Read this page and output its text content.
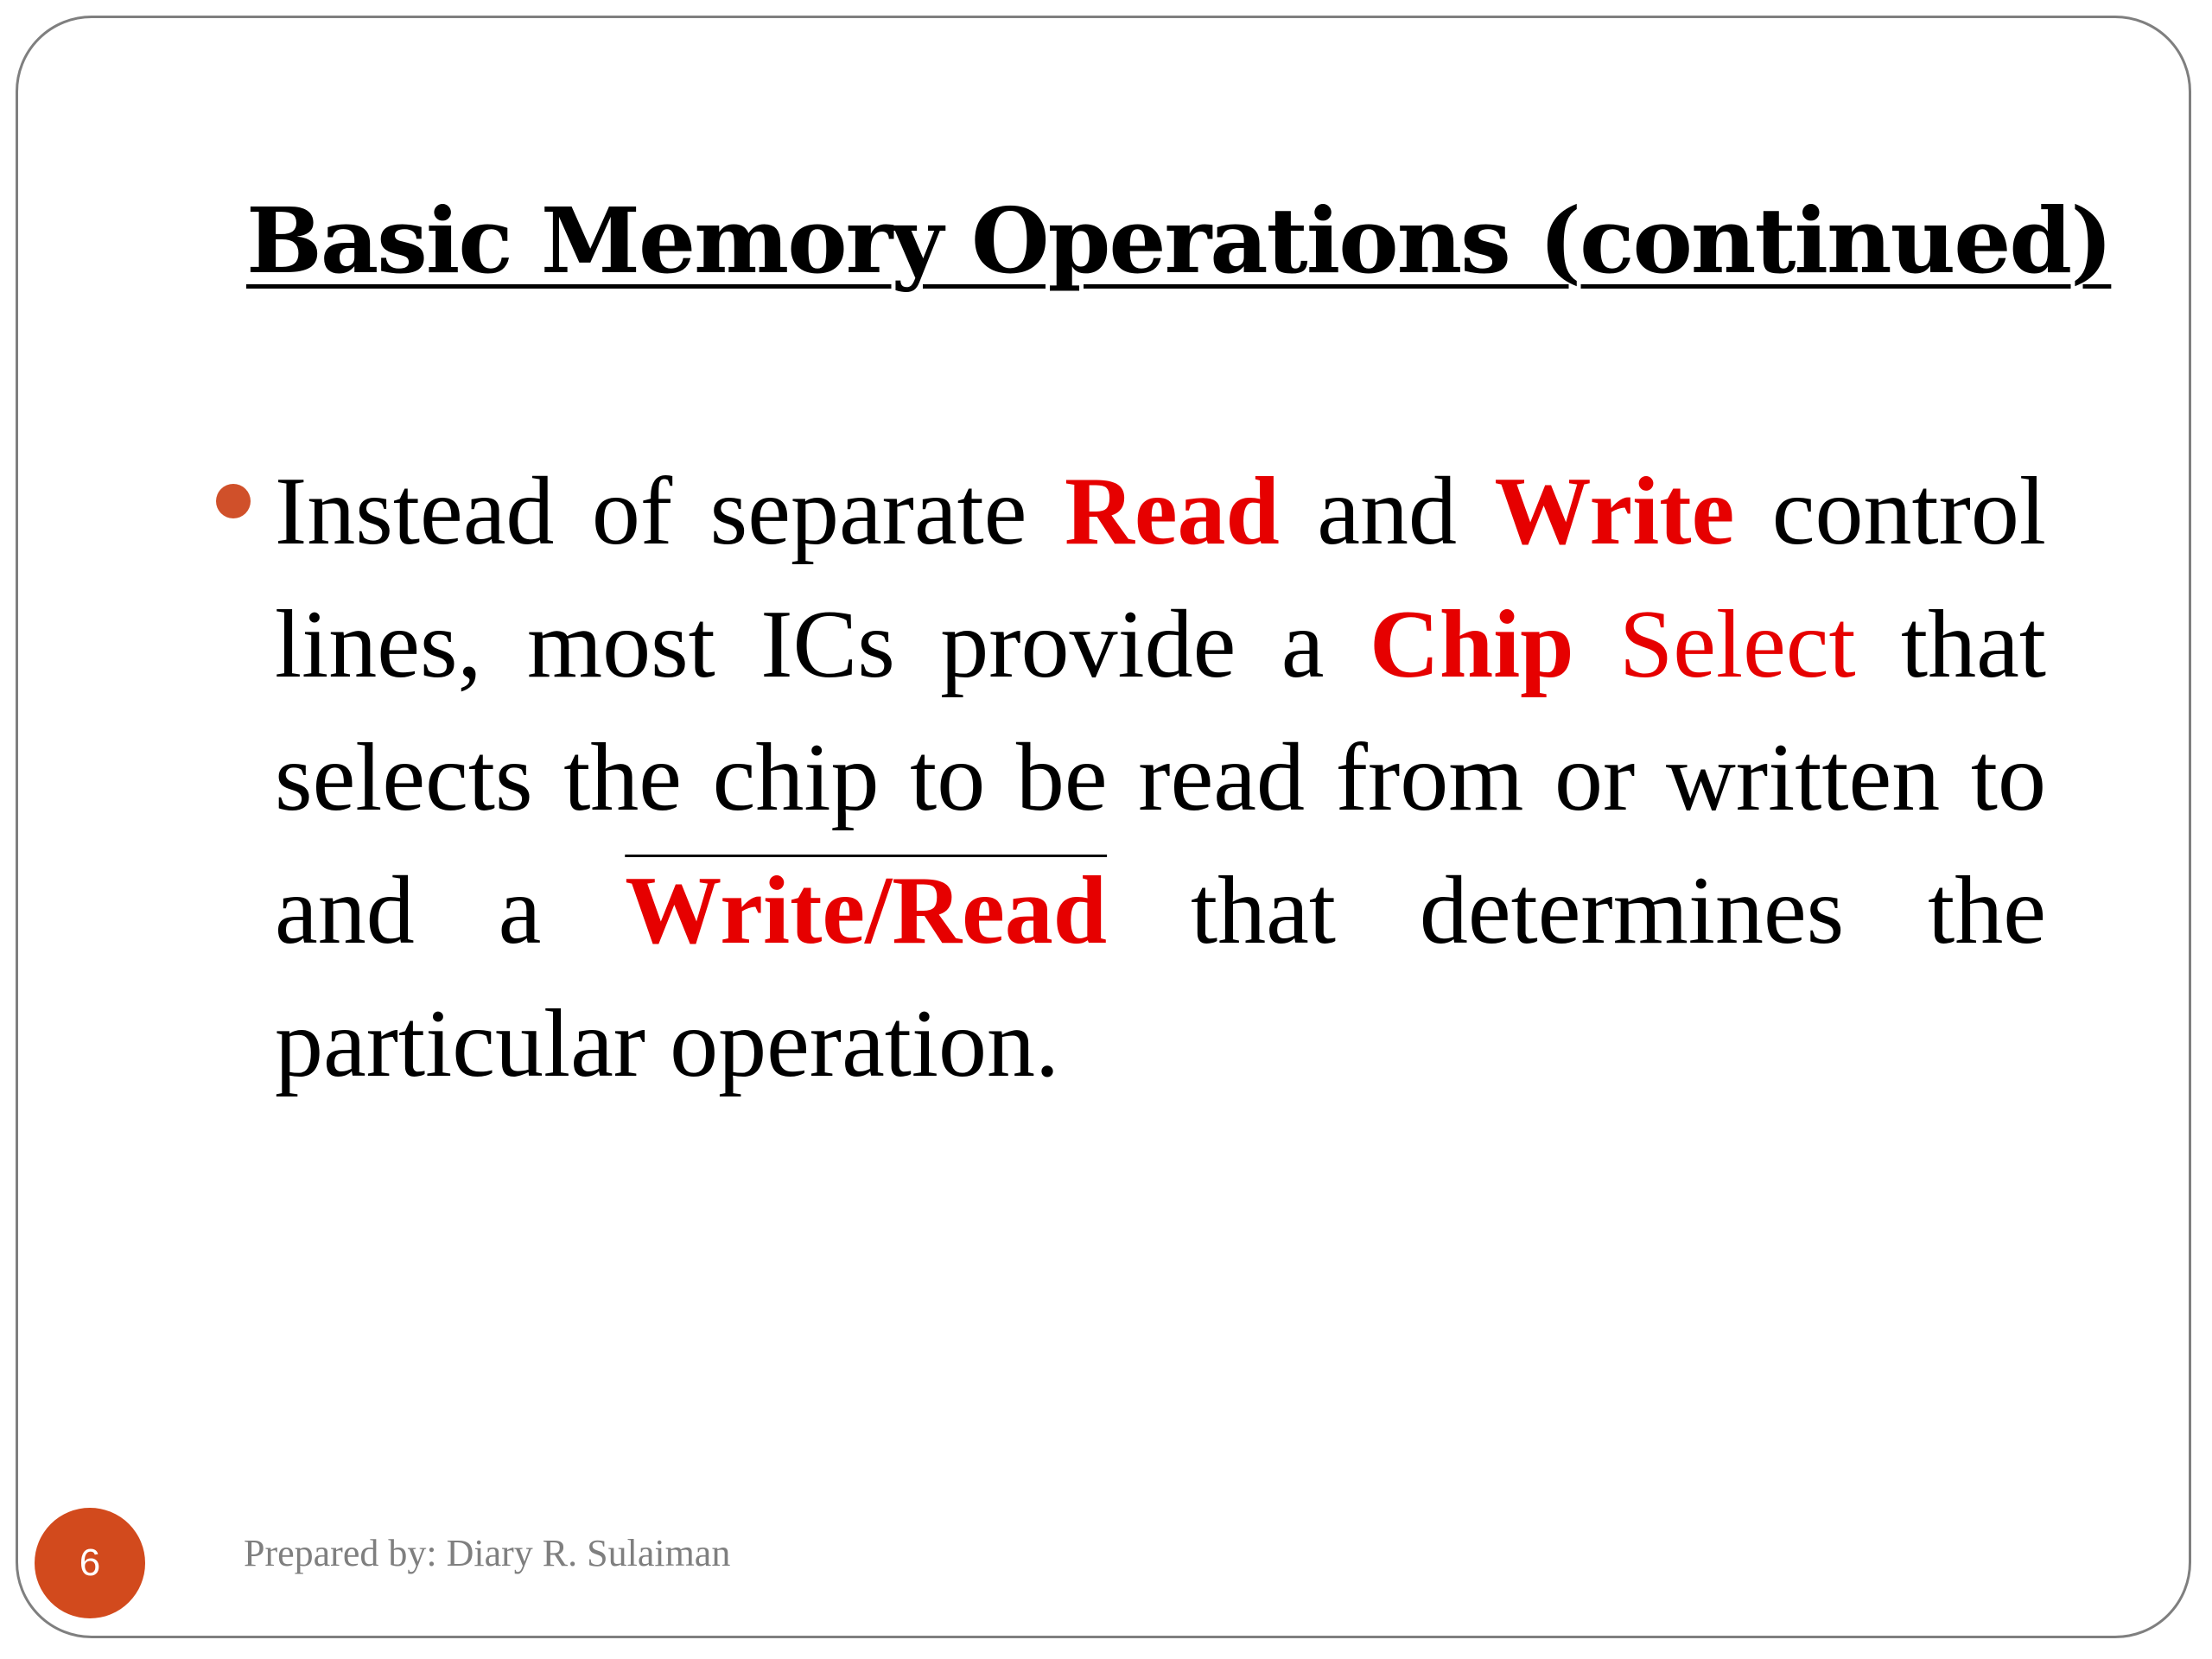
Basic Memory Operations (continued)

Instead of separate Read and Write control lines, most ICs provide a Chip Select that selects the chip to be read from or written to and a Write/Read that determines the particular operation.

6	Prepared by: Diary R. Sulaiman
